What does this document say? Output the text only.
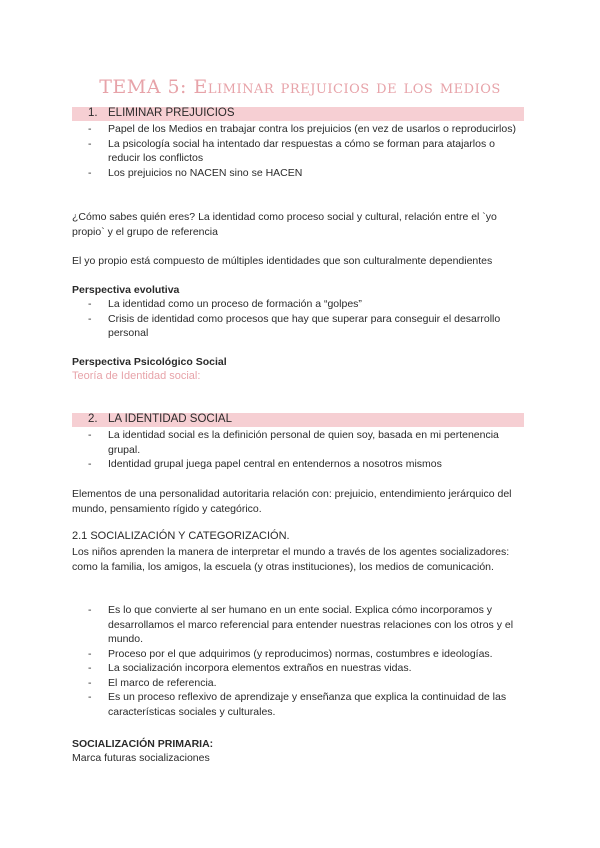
TEMA 5: Eliminar prejuicios de los medios
1. ELIMINAR PREJUICIOS
-	Papel de los Medios en trabajar contra los prejuicios (en vez de usarlos o reproducirlos)
-	La psicología social ha intentado dar respuestas a cómo se forman para atajarlos o reducir los conflictos
-	Los prejuicios no NACEN sino se HACEN
¿Cómo sabes quién eres? La identidad como proceso social y cultural, relación entre el `yo propio` y el grupo de referencia
El yo propio está compuesto de múltiples identidades que son culturalmente dependientes
Perspectiva evolutiva
-	La identidad como un proceso de formación a “golpes”
-	Crisis de identidad como procesos que hay que superar para conseguir el desarrollo personal
Perspectiva Psicológico Social
Teoría de Identidad social:
2. LA IDENTIDAD SOCIAL
-	La identidad social es la definición personal de quien soy, basada en mi pertenencia grupal.
-	Identidad grupal juega papel central en entendernos a nosotros mismos
Elementos de una personalidad autoritaria relación con: prejuicio, entendimiento jerárquico del mundo, pensamiento rígido y categórico.
2.1 SOCIALIZACIÓN Y CATEGORIZACIÓN.
Los niños aprenden la manera de interpretar el mundo a través de los agentes socializadores: como la familia, los amigos, la escuela (y otras instituciones), los medios de comunicación.
-	Es lo que convierte al ser humano en un ente social. Explica cómo incorporamos y desarrollamos el marco referencial para entender nuestras relaciones con los otros y el mundo.
-	Proceso por el que adquirimos (y reproducimos) normas, costumbres e ideologías.
-	La socialización incorpora elementos extraños en nuestras vidas.
-	El marco de referencia.
-	Es un proceso reflexivo de aprendizaje y enseñanza que explica la continuidad de las características sociales y culturales.
SOCIALIZACIÓN PRIMARIA:
Marca futuras socializaciones
